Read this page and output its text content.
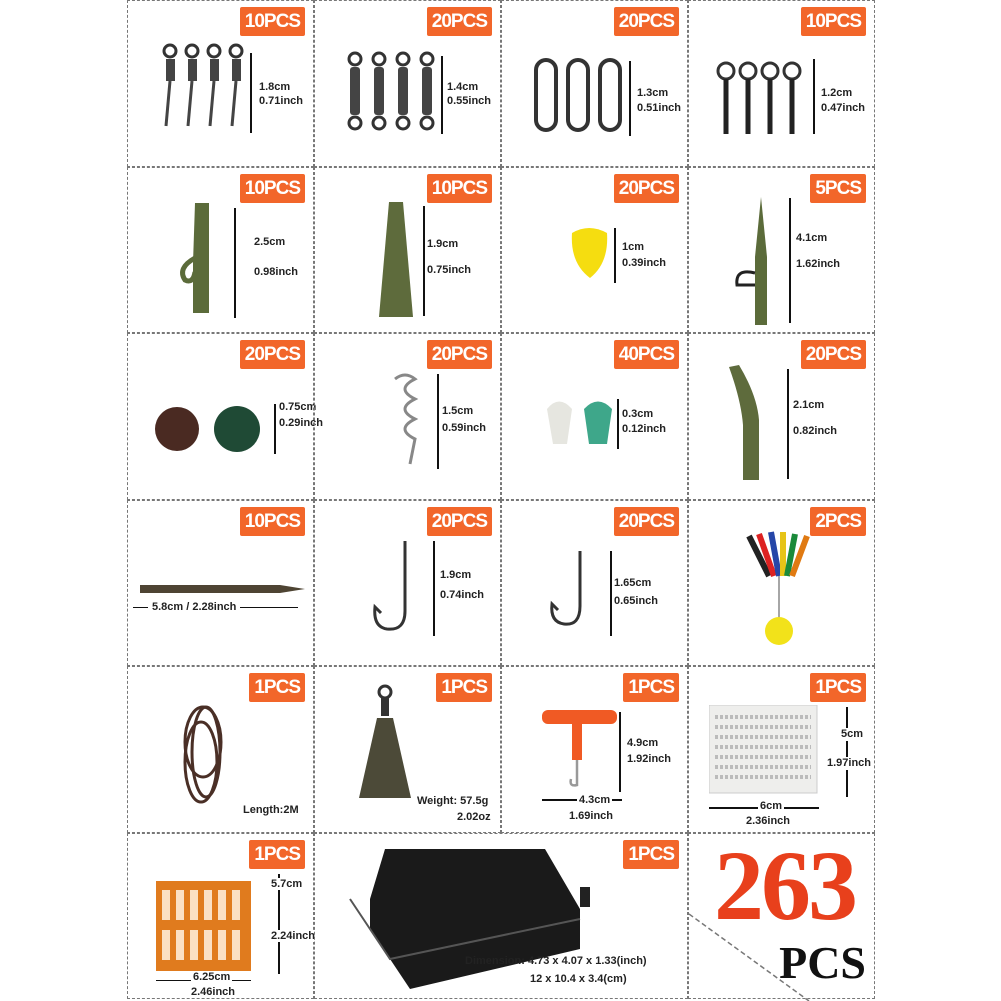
10PCS
1.8cm
0.71inch
20PCS
1.4cm
0.55inch
20PCS
1.3cm
0.51inch
10PCS
1.2cm
0.47inch
10PCS
2.5cm
0.98inch
10PCS
1.9cm
0.75inch
20PCS
1cm
0.39inch
5PCS
4.1cm
1.62inch
20PCS
0.75cm
0.29inch
20PCS
1.5cm
0.59inch
40PCS
0.3cm
0.12inch
20PCS
2.1cm
0.82inch
10PCS
5.8cm / 2.28inch
20PCS
1.9cm
0.74inch
20PCS
1.65cm
0.65inch
2PCS
1PCS
Length:2M
1PCS
Weight: 57.5g
2.02oz
1PCS
4.9cm
1.92inch
4.3cm
1.69inch
1PCS
5cm
1.97inch
6cm
2.36inch
1PCS
5.7cm
2.24inch
6.25cm
2.46inch
1PCS
Dimension: 4.73 x 4.07 x 1.33(inch)
12 x 10.4 x 3.4(cm)
263
PCS
